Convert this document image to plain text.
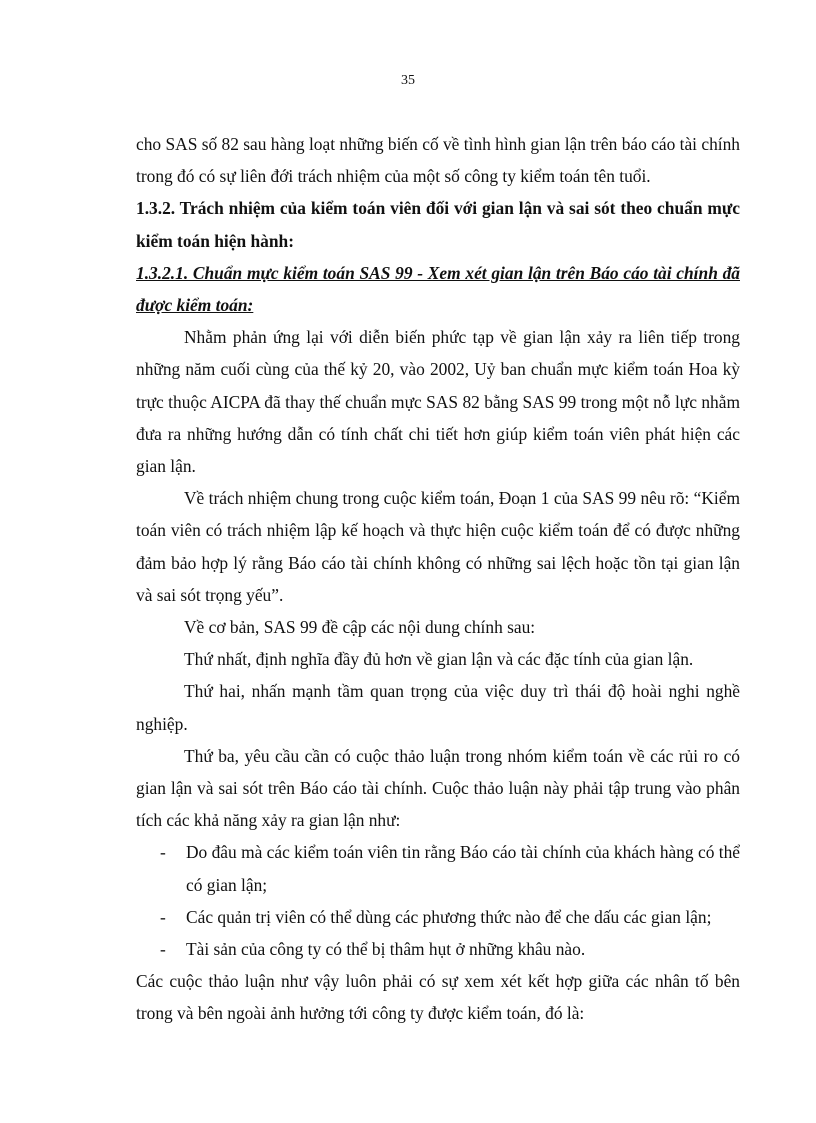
35

cho SAS số 82 sau hàng loạt những biến cố về tình hình gian lận trên báo cáo tài chính trong đó có sự liên đới trách nhiệm của một số công ty kiểm toán tên tuổi.

1.3.2. Trách nhiệm của kiểm toán viên đối với gian lận và sai sót theo chuẩn mực kiểm toán hiện hành:

1.3.2.1. Chuẩn mực kiểm toán SAS 99 - Xem xét gian lận trên Báo cáo tài chính đã được kiểm toán:

Nhằm phản ứng lại với diễn biến phức tạp về gian lận xảy ra liên tiếp trong những năm cuối cùng của thế kỷ 20, vào 2002, Uỷ ban chuẩn mực kiểm toán Hoa kỳ trực thuộc AICPA đã thay thế chuẩn mực SAS 82 bằng SAS 99 trong một nỗ lực nhằm đưa ra những hướng dẫn có tính chất chi tiết hơn giúp kiểm toán viên phát hiện các gian lận.

Về trách nhiệm chung trong cuộc kiểm toán, Đoạn 1 của SAS 99 nêu rõ: “Kiểm toán viên có trách nhiệm lập kế hoạch và thực hiện cuộc kiểm toán để có được những đảm bảo hợp lý rằng Báo cáo tài chính không có những sai lệch hoặc tồn tại gian lận và sai sót trọng yếu”.

Về cơ bản, SAS 99 đề cập các nội dung chính sau:

Thứ nhất, định nghĩa đầy đủ hơn về gian lận và các đặc tính của gian lận.

Thứ hai, nhấn mạnh tầm quan trọng của việc duy trì thái độ hoài nghi nghề nghiệp.

Thứ ba, yêu cầu cần có cuộc thảo luận trong nhóm kiểm toán về các rủi ro có gian lận và sai sót trên Báo cáo tài chính. Cuộc thảo luận này phải tập trung vào phân tích các khả năng xảy ra gian lận như:

- Do đâu mà các kiểm toán viên tin rằng Báo cáo tài chính của khách hàng có thể có gian lận;
- Các quản trị viên có thể dùng các phương thức nào để che dấu các gian lận;
- Tài sản của công ty có thể bị thâm hụt ở những khâu nào.

Các cuộc thảo luận như vậy luôn phải có sự xem xét kết hợp giữa các nhân tố bên trong và bên ngoài ảnh hưởng tới công ty được kiểm toán, đó là:
